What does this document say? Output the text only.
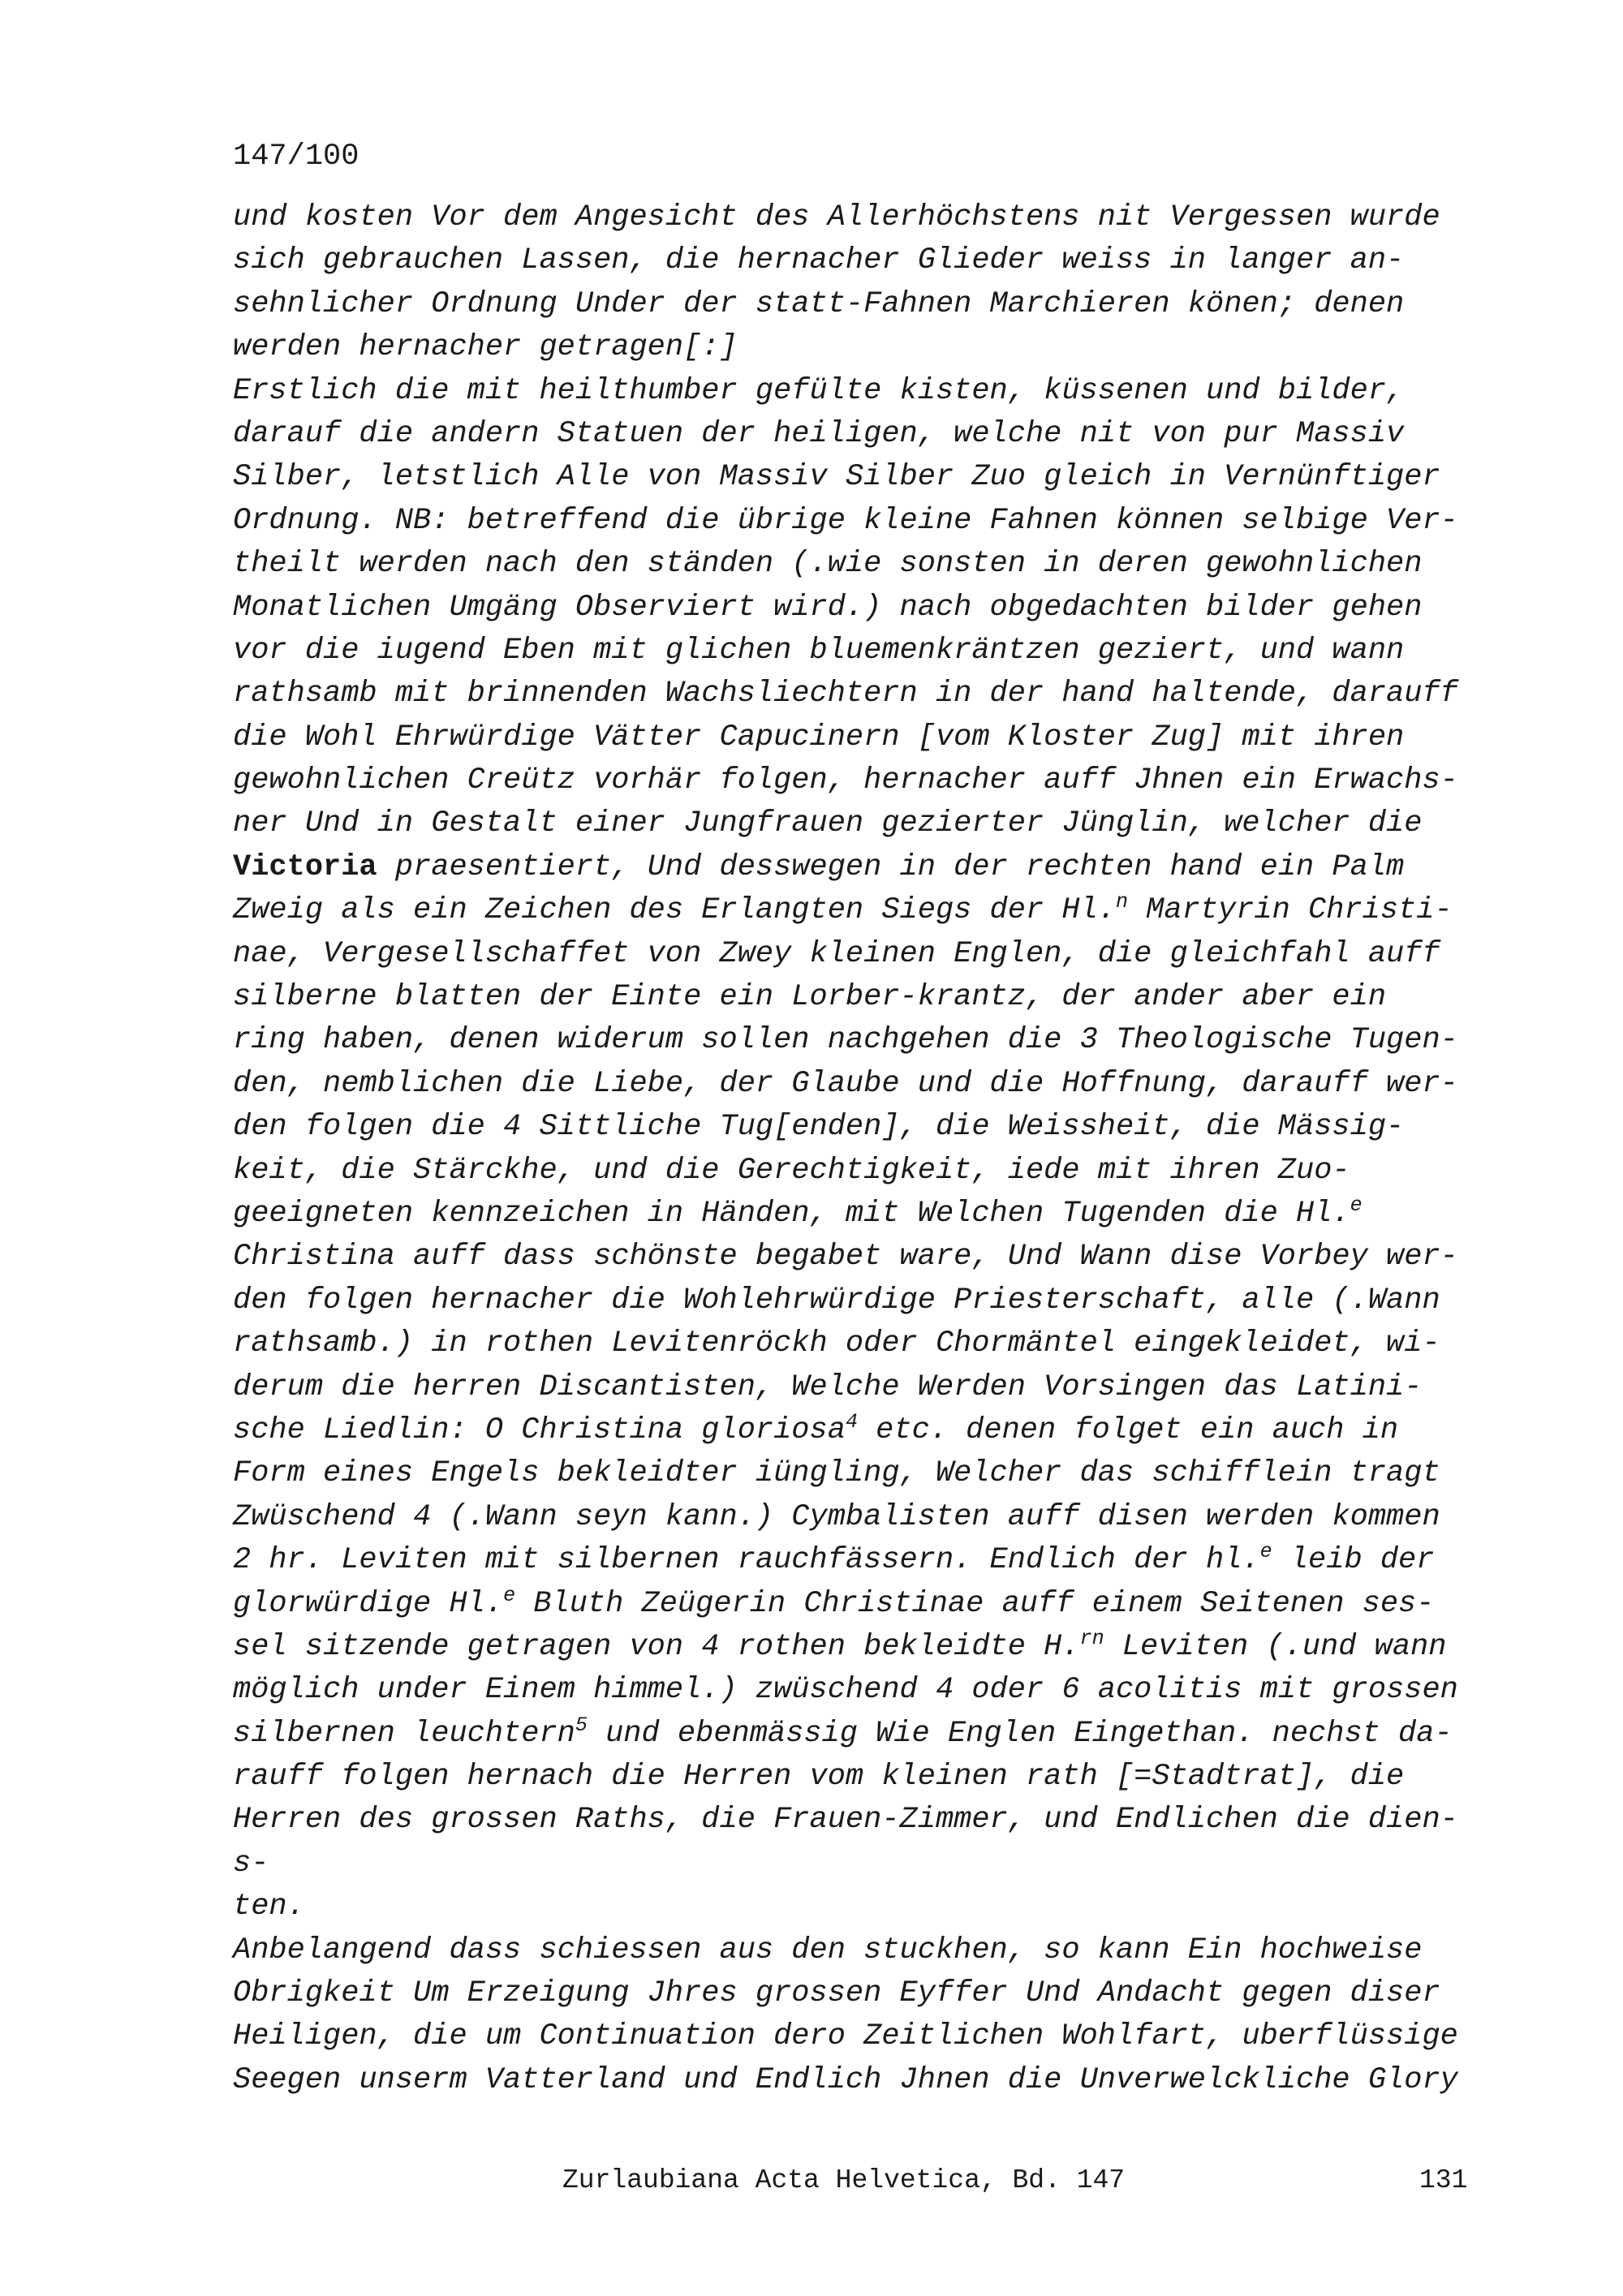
147/100
und kosten Vor dem Angesicht des Allerhöchstens nit Vergessen wurde
sich gebrauchen Lassen, die hernacher Glieder weiss in langer an-
sehnlicher Ordnung Under der statt-Fahnen Marchieren könen; denen
werden hernacher getragen[:]
Erstlich die mit heilthumber gefülte kisten, küssenen und bilder,
darauf die andern Statuen der heiligen, welche nit von pur Massiv
Silber, letstlich Alle von Massiv Silber Zuo gleich in Vernünftiger
Ordnung. NB: betreffend die übrige kleine Fahnen können selbige Ver-
theilt werden nach den ständen (.wie sonsten in deren gewohnlichen
Monatlichen Umgäng Observiert wird.) nach obgedachten bilder gehen
vor die iugend Eben mit glichen bluemenkräntzen geziert, und wann
rathsamb mit brinnenden Wachsliechtern in der hand haltende, darauff
die Wohl Ehrwürdige Vätter Capucinern [vom Kloster Zug] mit ihren
gewohnlichen Creütz vorhär folgen, hernacher auff Jhnen ein Erwachs-
ner Und in Gestalt einer Jungfrauen gezierter Jünglin, welcher die
Victoria praesentiert, Und desswegen in der rechten hand ein Palm
Zweig als ein Zeichen des Erlangten Siegs der Hl.$^n$ Martyrin Christi-
nae, Vergesellschaffet von Zwey kleinen Englen, die gleichfahl auff
silberne blatten der Einte ein Lorber-krantz, der ander aber ein
ring haben, denen widerum sollen nachgehen die 3 Theologische Tugen-
den, nemblichen die Liebe, der Glaube und die Hoffnung, darauff wer-
den folgen die 4 Sittliche Tug[enden], die Weissheit, die Mässig-
keit, die Stärckhe, und die Gerechtigkeit, iede mit ihren Zuo-
geeigneten kennzeichen in Händen, mit Welchen Tugenden die Hl.$^e$
Christina auff dass schönste begabet ware, Und Wann dise Vorbey wer-
den folgen hernacher die Wohlehrwürdige Priesterschaft, alle (.Wann
rathsamb.) in rothen Levitenröckh oder Chormäntel eingekleidet, wi-
derum die herren Discantisten, Welche Werden Vorsingen das Latini-
sche Liedlin: O Christina gloriosa$^4$ etc. denen folget ein auch in
Form eines Engels bekleidter iüngling, Welcher das schifflein tragt
Zwüschend 4 (.Wann seyn kann.) Cymbalisten auff disen werden kommen
2 hr. Leviten mit silbernen rauchfässern. Endlich der hl.$^e$ leib der
glorwürdige Hl.$^e$ Bluth Zeügerin Christinae auff einem Seitenen ses-
sel sitzende getragen von 4 rothen bekleidte H.$^{rn}$ Leviten (.und wann
möglich under Einem himmel.) zwüschend 4 oder 6 acolitis mit grossen
silbernen leuchtern$^5$ und ebenmässig Wie Englen Eingethan. nechst da-
rauff folgen hernach die Herren vom kleinen rath [=Stadtrat], die
Herren des grossen Raths, die Frauen-Zimmer, und Endlichen die dien-
s-
ten.
Anbelangend dass schiessen aus den stuckhen, so kann Ein hochweise
Obrigkeit Um Erzeigung Jhres grossen Eyffer Und Andacht gegen diser
Heiligen, die um Continuation dero Zeitlichen Wohlfart, uberflüssige
Seegen unserm Vatterland und Endlich Jhnen die Unverwelckliche Glory
Zurlaubiana Acta Helvetica, Bd. 147	131
